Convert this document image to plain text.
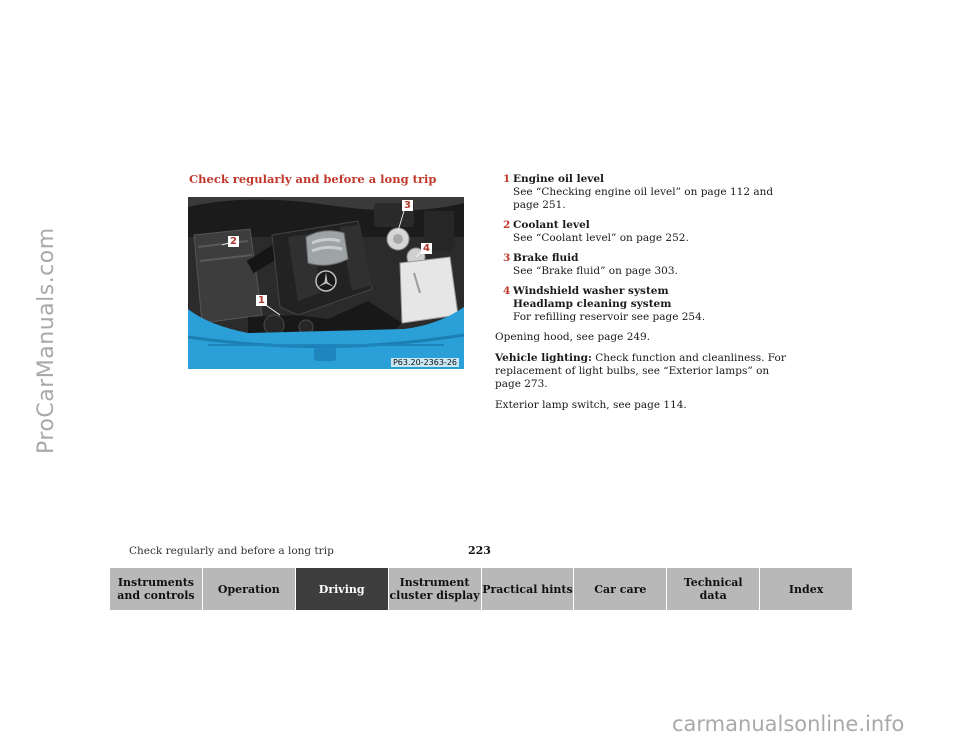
ProCarManuals.com
Check regularly and before a long trip
1
2
3
4
P63.20-2363-26
1 Engine oil level
See “Checking engine oil level” on page 112 and
page 251.
2 Coolant level
See “Coolant level” on page 252.
3 Brake fluid
See “Brake fluid” on page 303.
4 Windshield washer system
Headlamp cleaning system
For refilling reservoir see page 254.

Opening hood, see page 249.

Vehicle lighting: Check function and cleanliness. For
replacement of light bulbs, see “Exterior lamps” on
page 273.

Exterior lamp switch, see page 114.

Check regularly and before a long trip	223
Instruments
and controls	Operation	Driving	Instrument
cluster display Practical hints	Car care	Technical
data	Index
carmanualsonline.info
